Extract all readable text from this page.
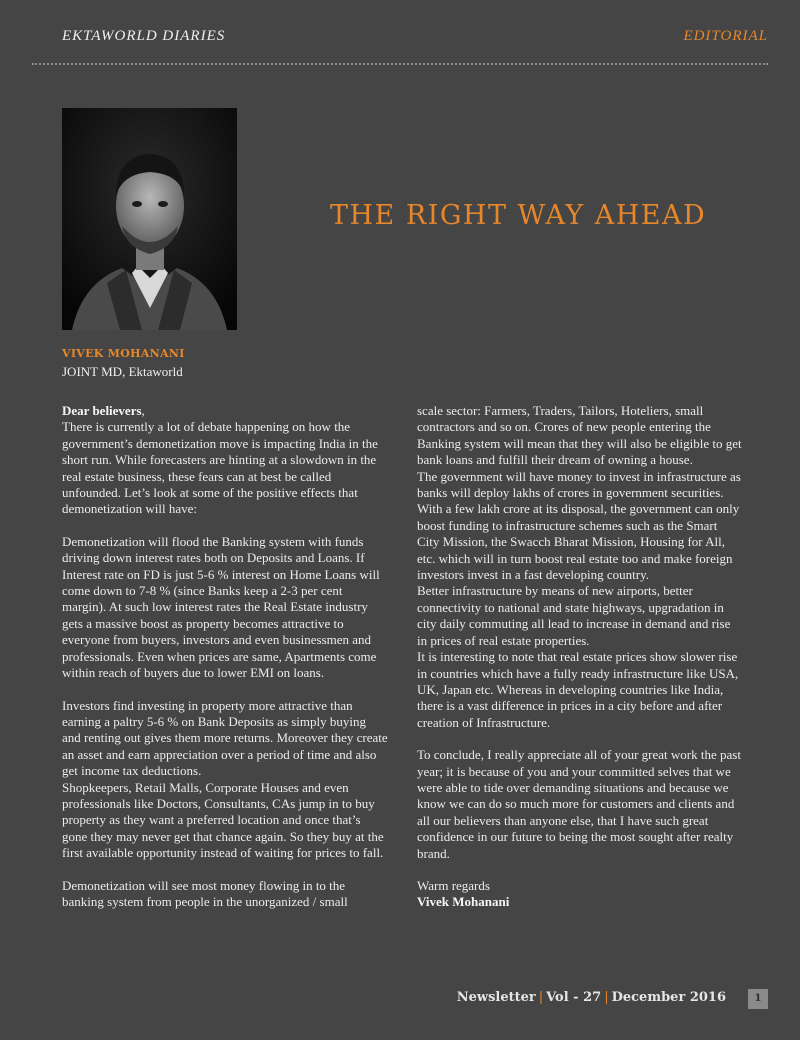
EKTAWORLD DIARIES	EDITORIAL
THE RIGHT WAY AHEAD
VIVEK MOHANANI
JOINT MD, Ektaworld

Dear believers,

There is currently a lot of debate happening on how the government’s demonetization move is impacting India in the short run. While forecasters are hinting at a slowdown in the real estate business, these fears can at best be called unfounded. Let’s look at some of the positive effects that demonetization will have:

Demonetization will flood the Banking system with funds driving down interest rates both on Deposits and Loans. If Interest rate on FD is just 5-6 % interest on Home Loans will come down to 7-8 % (since Banks keep a 2-3 per cent margin). At such low interest rates the Real Estate industry gets a massive boost as property becomes attractive to everyone from buyers, investors and even businessmen and professionals. Even when prices are same, Apartments come within reach of buyers due to lower EMI on loans.

Investors find investing in property more attractive than earning a paltry 5-6 % on Bank Deposits as simply buying and renting out gives them more returns. Moreover they create an asset and earn appreciation over a period of time and also get income tax deductions.

Shopkeepers, Retail Malls, Corporate Houses and even professionals like Doctors, Consultants, CAs jump in to buy property as they want a preferred location and once that’s gone they may never get that chance again. So they buy at the first available opportunity instead of waiting for prices to fall.

Demonetization will see most money flowing in to the banking system from people in the unorganized / small

scale sector: Farmers, Traders, Tailors, Hoteliers, small contractors and so on. Crores of new people entering the Banking system will mean that they will also be eligible to get bank loans and fulfill their dream of owning a house.

The government will have money to invest in infrastructure as banks will deploy lakhs of crores in government securities. With a few lakh crore at its disposal, the government can only boost funding to infrastructure schemes such as the Smart City Mission, the Swacch Bharat Mission, Housing for All, etc. which will in turn boost real estate too and make foreign investors invest in a fast developing country.

Better infrastructure by means of new airports, better connectivity to national and state highways, upgradation in city daily commuting all lead to increase in demand and rise in prices of real estate properties.

It is interesting to note that real estate prices show slower rise in countries which have a fully ready infrastructure like USA, UK, Japan etc. Whereas in developing countries like India, there is a vast difference in prices in a city before and after creation of Infrastructure.

To conclude, I really appreciate all of your great work the past year; it is because of you and your committed selves that we were able to tide over demanding situations and because we know we can do so much more for customers and clients and all our believers than anyone else, that I have such great confidence in our future to being the most sought after realty brand.

Warm regards

Vivek Mohanani

Newsletter | Vol - 27 | December 2016	1
